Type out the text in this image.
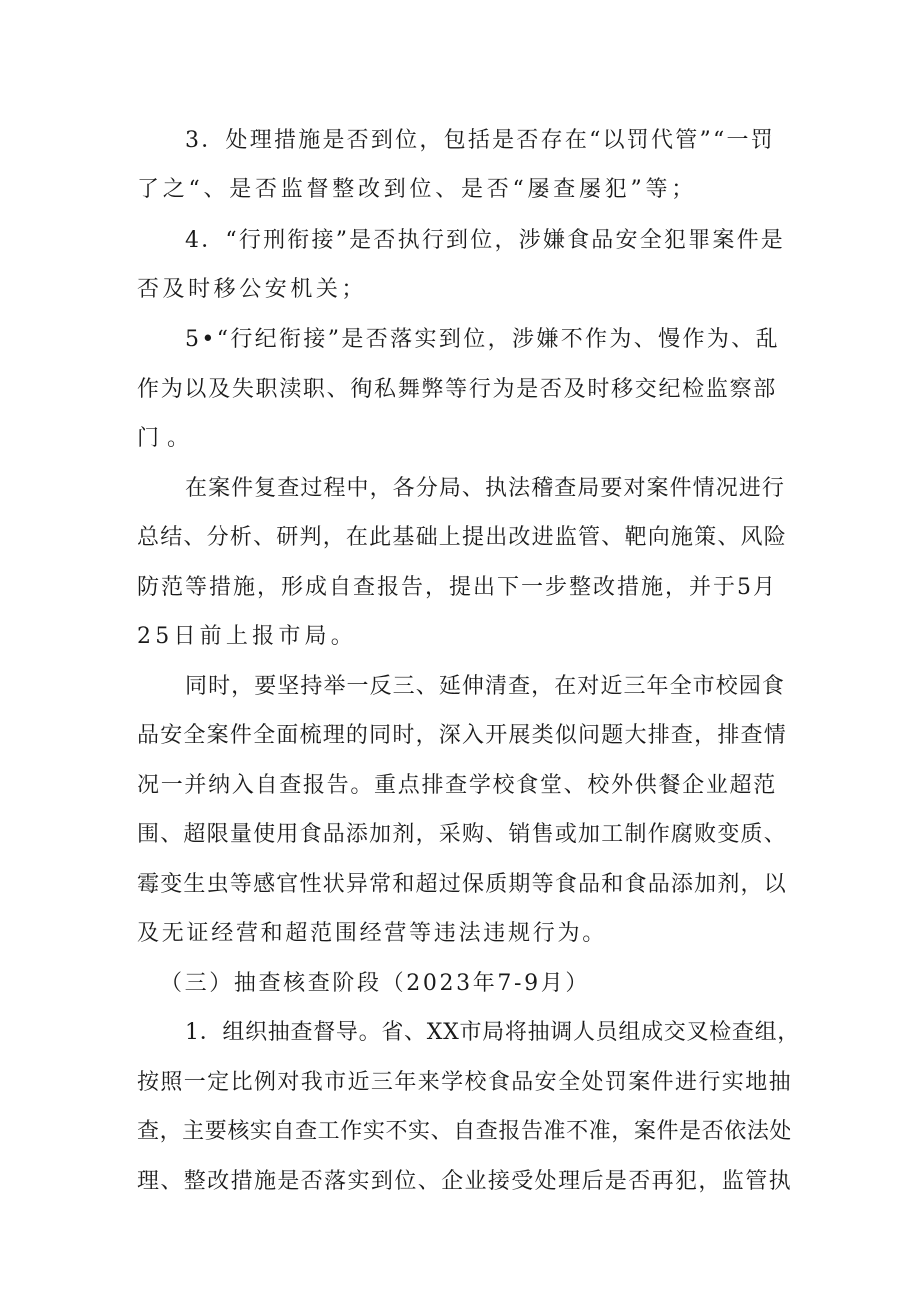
3．处理措施是否到位，包括是否存在“以罚代管”“一罚
了之“、是否监督整改到位、是否“屡查屡犯”等；
4．“行刑衔接”是否执行到位，涉嫌食品安全犯罪案件是
否及时移公安机关；
5•“行纪衔接”是否落实到位，涉嫌不作为、慢作为、乱
作为以及失职渎职、徇私舞弊等行为是否及时移交纪检监察部
门。
在案件复查过程中，各分局、执法稽查局要对案件情况进行
总结、分析、研判，在此基础上提出改进监管、靶向施策、风险
防范等措施，形成自查报告，提出下一步整改措施，并于5月
25日前上报市局。
同时，要坚持举一反三、延伸清查，在对近三年全市校园食
品安全案件全面梳理的同时，深入开展类似问题大排查，排查情
况一并纳入自查报告。重点排查学校食堂、校外供餐企业超范
围、超限量使用食品添加剂，采购、销售或加工制作腐败变质、
霉变生虫等感官性状异常和超过保质期等食品和食品添加剂，以
及无证经营和超范围经营等违法违规行为。
（三）抽查核查阶段（2023年7-9月）
1．组织抽查督导。省、XX市局将抽调人员组成交叉检查组，
按照一定比例对我市近三年来学校食品安全处罚案件进行实地抽
查，主要核实自查工作实不实、自查报告准不准，案件是否依法处
理、整改措施是否落实到位、企业接受处理后是否再犯，监管执
